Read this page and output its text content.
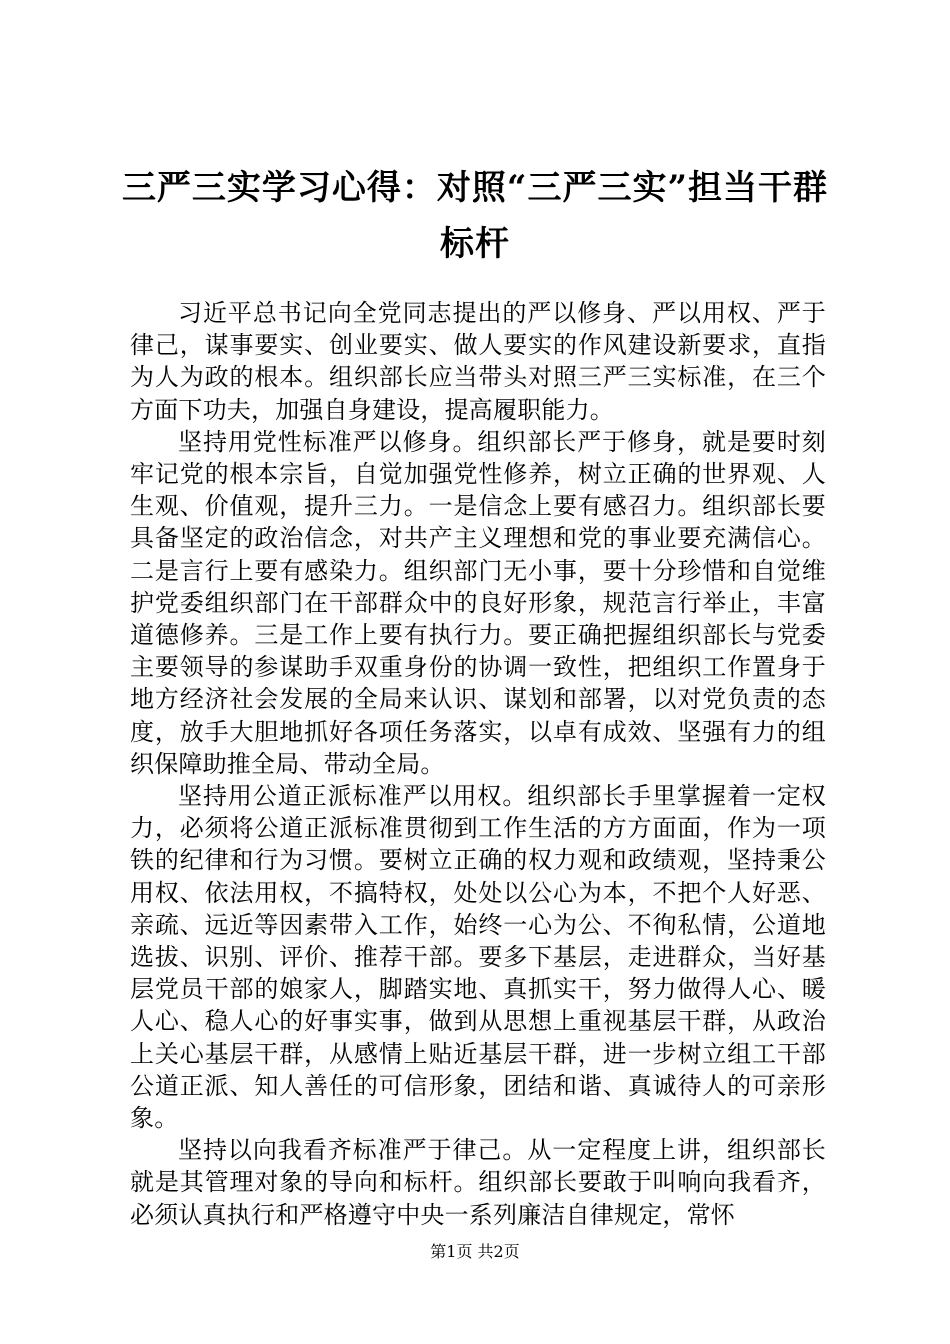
三严三实学习心得：对照“三严三实”担当干群标杆

习近平总书记向全党同志提出的严以修身、严以用权、严于律己，谋事要实、创业要实、做人要实的作风建设新要求，直指为人为政的根本。组织部长应当带头对照三严三实标准，在三个方面下功夫，加强自身建设，提高履职能力。

坚持用党性标准严以修身。组织部长严于修身，就是要时刻牢记党的根本宗旨，自觉加强党性修养，树立正确的世界观、人生观、价值观，提升三力。一是信念上要有感召力。组织部长要具备坚定的政治信念，对共产主义理想和党的事业要充满信心。二是言行上要有感染力。组织部门无小事，要十分珍惜和自觉维护党委组织部门在干部群众中的良好形象，规范言行举止，丰富道德修养。三是工作上要有执行力。要正确把握组织部长与党委主要领导的参谋助手双重身份的协调一致性，把组织工作置身于地方经济社会发展的全局来认识、谋划和部署，以对党负责的态度，放手大胆地抓好各项任务落实，以卓有成效、坚强有力的组织保障助推全局、带动全局。

坚持用公道正派标准严以用权。组织部长手里掌握着一定权力，必须将公道正派标准贯彻到工作生活的方方面面，作为一项铁的纪律和行为习惯。要树立正确的权力观和政绩观，坚持秉公用权、依法用权，不搞特权，处处以公心为本，不把个人好恶、亲疏、远近等因素带入工作，始终一心为公、不徇私情，公道地选拔、识别、评价、推荐干部。要多下基层，走进群众，当好基层党员干部的娘家人，脚踏实地、真抓实干，努力做得人心、暖人心、稳人心的好事实事，做到从思想上重视基层干群，从政治上关心基层干群，从感情上贴近基层干群，进一步树立组工干部公道正派、知人善任的可信形象，团结和谐、真诚待人的可亲形象。

坚持以向我看齐标准严于律己。从一定程度上讲，组织部长就是其管理对象的导向和标杆。组织部长要敢于叫响向我看齐，必须认真执行和严格遵守中央一系列廉洁自律规定，常怀

第1页 共2页
